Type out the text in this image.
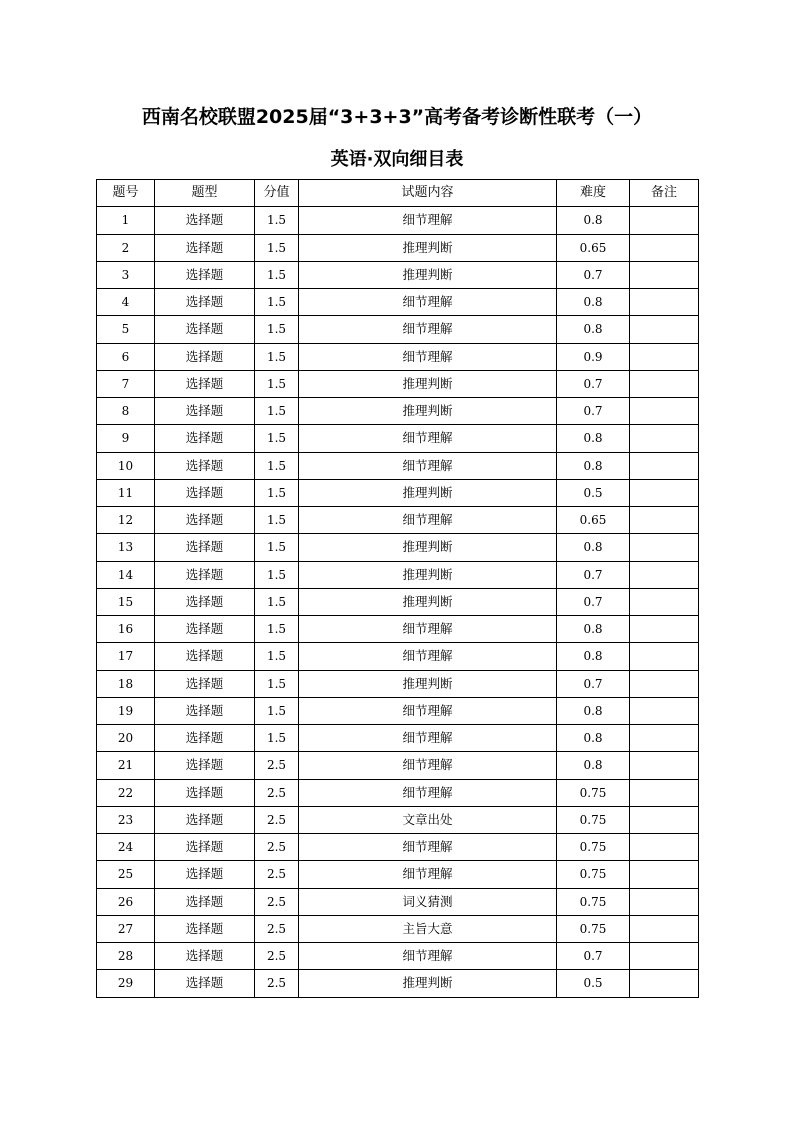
西南名校联盟2025届“3+3+3”高考备考诊断性联考（一）
英语·双向细目表
题号	题型	分值	试题内容	难度	备注
1	选择题	1.5	细节理解	0.8	
2	选择题	1.5	推理判断	0.65	
3	选择题	1.5	推理判断	0.7	
4	选择题	1.5	细节理解	0.8	
5	选择题	1.5	细节理解	0.8	
6	选择题	1.5	细节理解	0.9	
7	选择题	1.5	推理判断	0.7	
8	选择题	1.5	推理判断	0.7	
9	选择题	1.5	细节理解	0.8	
10	选择题	1.5	细节理解	0.8	
11	选择题	1.5	推理判断	0.5	
12	选择题	1.5	细节理解	0.65	
13	选择题	1.5	推理判断	0.8	
14	选择题	1.5	推理判断	0.7	
15	选择题	1.5	推理判断	0.7	
16	选择题	1.5	细节理解	0.8	
17	选择题	1.5	细节理解	0.8	
18	选择题	1.5	推理判断	0.7	
19	选择题	1.5	细节理解	0.8	
20	选择题	1.5	细节理解	0.8	
21	选择题	2.5	细节理解	0.8	
22	选择题	2.5	细节理解	0.75	
23	选择题	2.5	文章出处	0.75	
24	选择题	2.5	细节理解	0.75	
25	选择题	2.5	细节理解	0.75	
26	选择题	2.5	词义猜测	0.75	
27	选择题	2.5	主旨大意	0.75	
28	选择题	2.5	细节理解	0.7	
29	选择题	2.5	推理判断	0.5	
